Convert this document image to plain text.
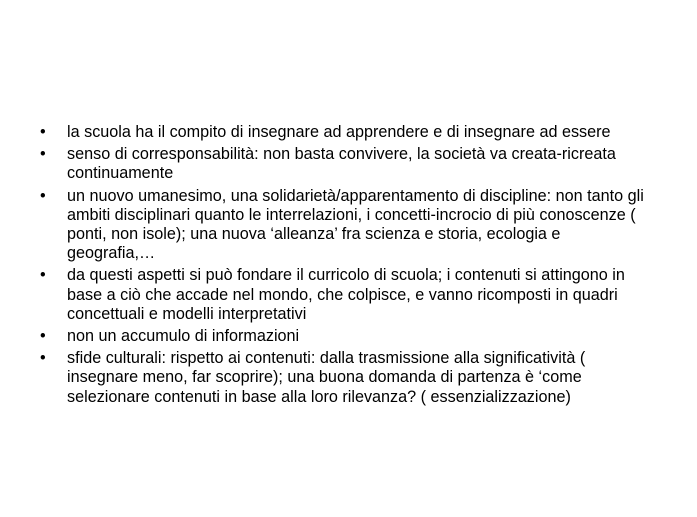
•	la scuola ha il compito di insegnare ad apprendere e di insegnare ad essere
•	senso di corresponsabilità: non basta convivere, la società va creata-ricreata continuamente
•	un nuovo umanesimo, una solidarietà/apparentamento di discipline: non tanto gli ambiti disciplinari quanto le interrelazioni, i concetti-incrocio di più conoscenze ( ponti, non isole); una nuova ‘alleanza’ fra scienza e storia, ecologia e geografia,…
•	da questi aspetti si può fondare il curricolo di scuola; i contenuti si attingono in base a ciò che accade nel mondo, che colpisce, e vanno ricomposti in quadri concettuali e modelli interpretativi
•	non un accumulo di informazioni
•	sfide culturali: rispetto ai contenuti: dalla trasmissione alla significatività ( insegnare meno, far scoprire); una buona domanda di partenza è ‘come selezionare contenuti in base alla loro rilevanza? ( essenzializzazione)
